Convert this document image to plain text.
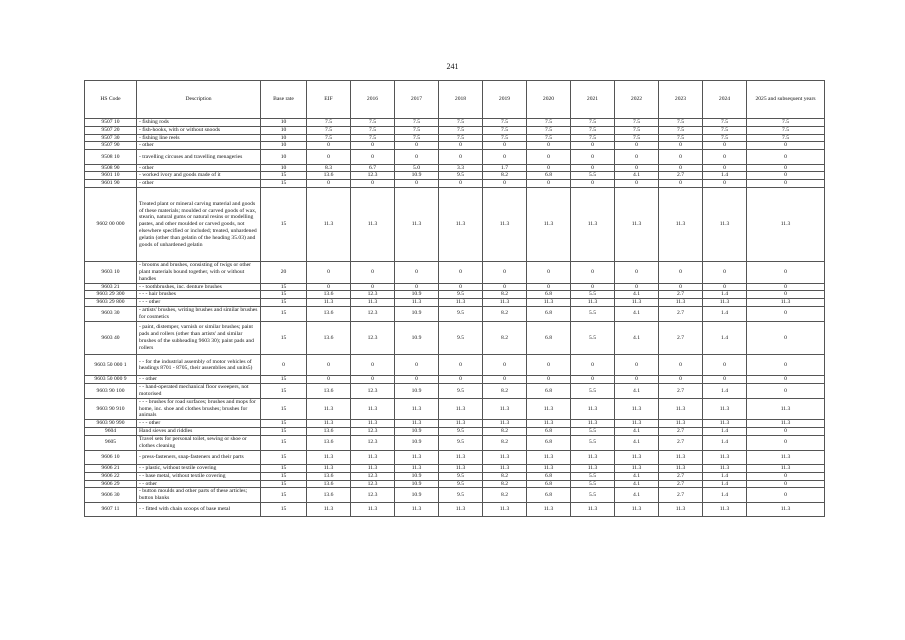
241
HS Code	Description	Base rate	EIF	2016	2017	2018	2019	2020	2021	2022	2023	2024	2025 and subsequent years
9507 10	- fishing rods	10	7.5	7.5	7.5	7.5	7.5	7.5	7.5	7.5	7.5	7.5	7.5
9507 20	- fish-hooks, with or without snoods	10	7.5	7.5	7.5	7.5	7.5	7.5	7.5	7.5	7.5	7.5	7.5
9507 30	- fishing line reels	10	7.5	7.5	7.5	7.5	7.5	7.5	7.5	7.5	7.5	7.5	7.5
9507 90	- other	10	0	0	0	0	0	0	0	0	0	0	0
9508 10	- travelling circuses and travelling menageries	10	0	0	0	0	0	0	0	0	0	0	0
9508 90	- other	10	8.3	6.7	5.0	3.3	1.7	0	0	0	0	0	0
9601 10	- worked ivory and goods made of it	15	13.6	12.3	10.9	9.5	8.2	6.8	5.5	4.1	2.7	1.4	0
9601 90	- other	15	0	0	0	0	0	0	0	0	0	0	0
9602 00 000	Treated plant or mineral carving material and goods of these materials; moulded or carved goods of wax, stearin, natural gums or natural resins or modelling pastes, and other moulded or carved goods, not elsewhere specified or included; treated, unhardened gelatin (other than gelatin of the heading 35.03) and goods of unhardened gelatin	15	11.3	11.3	11.3	11.3	11.3	11.3	11.3	11.3	11.3	11.3	11.3
9603 10	- brooms and brushes, consisting of twigs or other plant materials bound together, with or without handles	20	0	0	0	0	0	0	0	0	0	0	0
9603 21	- - toothbrushes, inc. denture brushes	15	0	0	0	0	0	0	0	0	0	0	0
9603 29 300	- - - hair brushes	15	13.6	12.3	10.9	9.5	8.2	6.8	5.5	4.1	2.7	1.4	0
9603 29 800	- - - other	15	11.3	11.3	11.3	11.3	11.3	11.3	11.3	11.3	11.3	11.3	11.3
9603 30	- artists' brushes, writing brushes and similar brushes for cosmetics	15	13.6	12.3	10.9	9.5	8.2	6.8	5.5	4.1	2.7	1.4	0
9603 40	- paint, distemper, varnish or similar brushes; paint pads and rollers (other than artists' and similar brushes of the subheading 9603 30); paint pads and rollers	15	13.6	12.3	10.9	9.5	8.2	6.8	5.5	4.1	2.7	1.4	0
9603 50 000 1	- - for the industrial assembly of motor vehicles of headings 8701 - 8705, their assemblies and units5)	0	0	0	0	0	0	0	0	0	0	0	0
9603 50 000 9	- - other	15	0	0	0	0	0	0	0	0	0	0	0
9603 90 100	- - hand-operated mechanical floor sweepers, not motorised	15	13.6	12.3	10.9	9.5	8.2	6.8	5.5	4.1	2.7	1.4	0
9603 90 910	- - - brushes for road surfaces; brushes and mops for home, inc. shoe and clothes brushes; brushes for animals	15	11.3	11.3	11.3	11.3	11.3	11.3	11.3	11.3	11.3	11.3	11.3
9603 90 990	- - - other	15	11.3	11.3	11.3	11.3	11.3	11.3	11.3	11.3	11.3	11.3	11.3
9604	Hand sieves and riddles	15	13.6	12.3	10.9	9.5	8.2	6.8	5.5	4.1	2.7	1.4	0
9605	Travel sets for personal toilet, sewing or shoe or clothes cleaning	15	13.6	12.3	10.9	9.5	8.2	6.8	5.5	4.1	2.7	1.4	0
9606 10	- press-fasteners, snap-fasteners and their parts	15	11.3	11.3	11.3	11.3	11.3	11.3	11.3	11.3	11.3	11.3	11.3
9606 21	- - plastic, without textile covering	15	11.3	11.3	11.3	11.3	11.3	11.3	11.3	11.3	11.3	11.3	11.3
9606 22	- - base metal, without textile covering	15	13.6	12.3	10.9	9.5	8.2	6.8	5.5	4.1	2.7	1.4	0
9606 29	- - other	15	13.6	12.3	10.9	9.5	8.2	6.8	5.5	4.1	2.7	1.4	0
9606 30	- button moulds and other parts of these articles; button blanks	15	13.6	12.3	10.9	9.5	8.2	6.8	5.5	4.1	2.7	1.4	0
9607 11	- - fitted with chain scoops of base metal	15	11.3	11.3	11.3	11.3	11.3	11.3	11.3	11.3	11.3	11.3	11.3
